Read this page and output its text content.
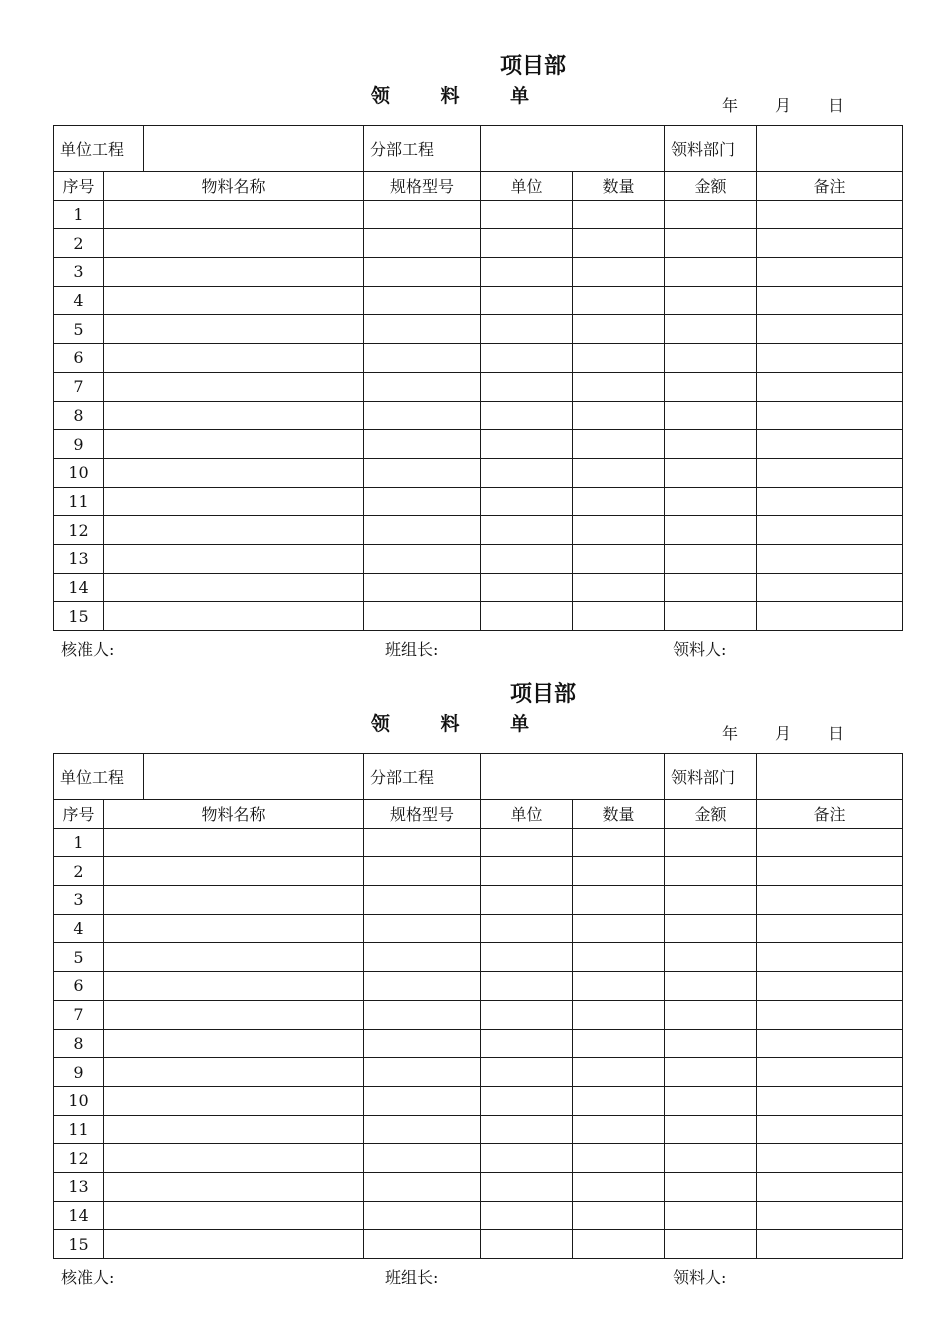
项目部
领 料 单	年 月 日
单位工程			分部工程			领料部门	
序号	物料名称		规格型号	单位	数量	金额	备注
1							
2							
3							
4							
5							
6							
7							
8							
9							
10							
11							
12							
13							
14							
15							
核准人:	班组长:	领料人:
项目部
领 料 单	年 月 日
单位工程			分部工程			领料部门	
序号	物料名称		规格型号	单位	数量	金额	备注
1							
2							
3							
4							
5							
6							
7							
8							
9							
10							
11							
12							
13							
14							
15							
核准人:	班组长:	领料人:
